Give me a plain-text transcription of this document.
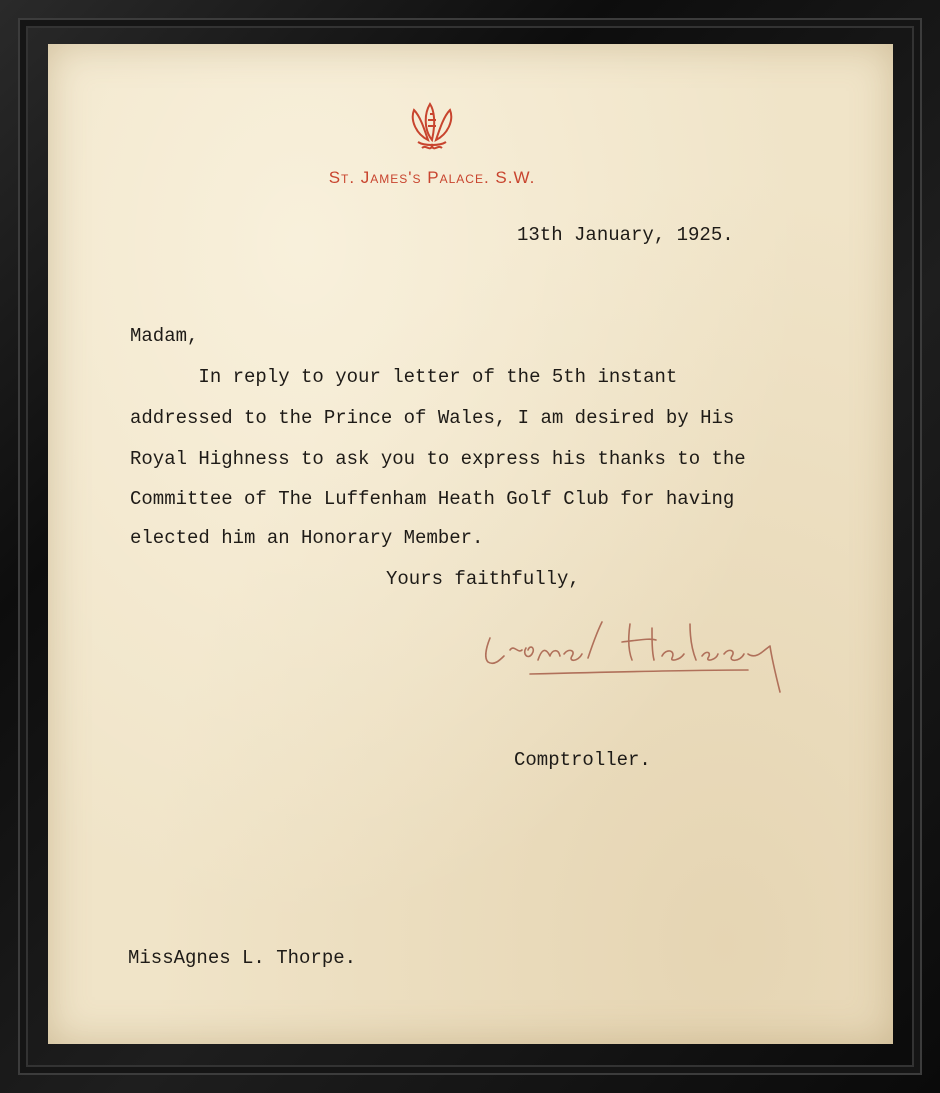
St. James's Palace. S.W.
13th January, 1925.
Madam,
In reply to your letter of the 5th instant
addressed to the Prince of Wales, I am desired by His
Royal Highness to ask you to express his thanks to the
Committee of The Luffenham Heath Golf Club for having
elected him an Honorary Member.
Yours faithfully,
Comptroller.
MissAgnes L. Thorpe.
